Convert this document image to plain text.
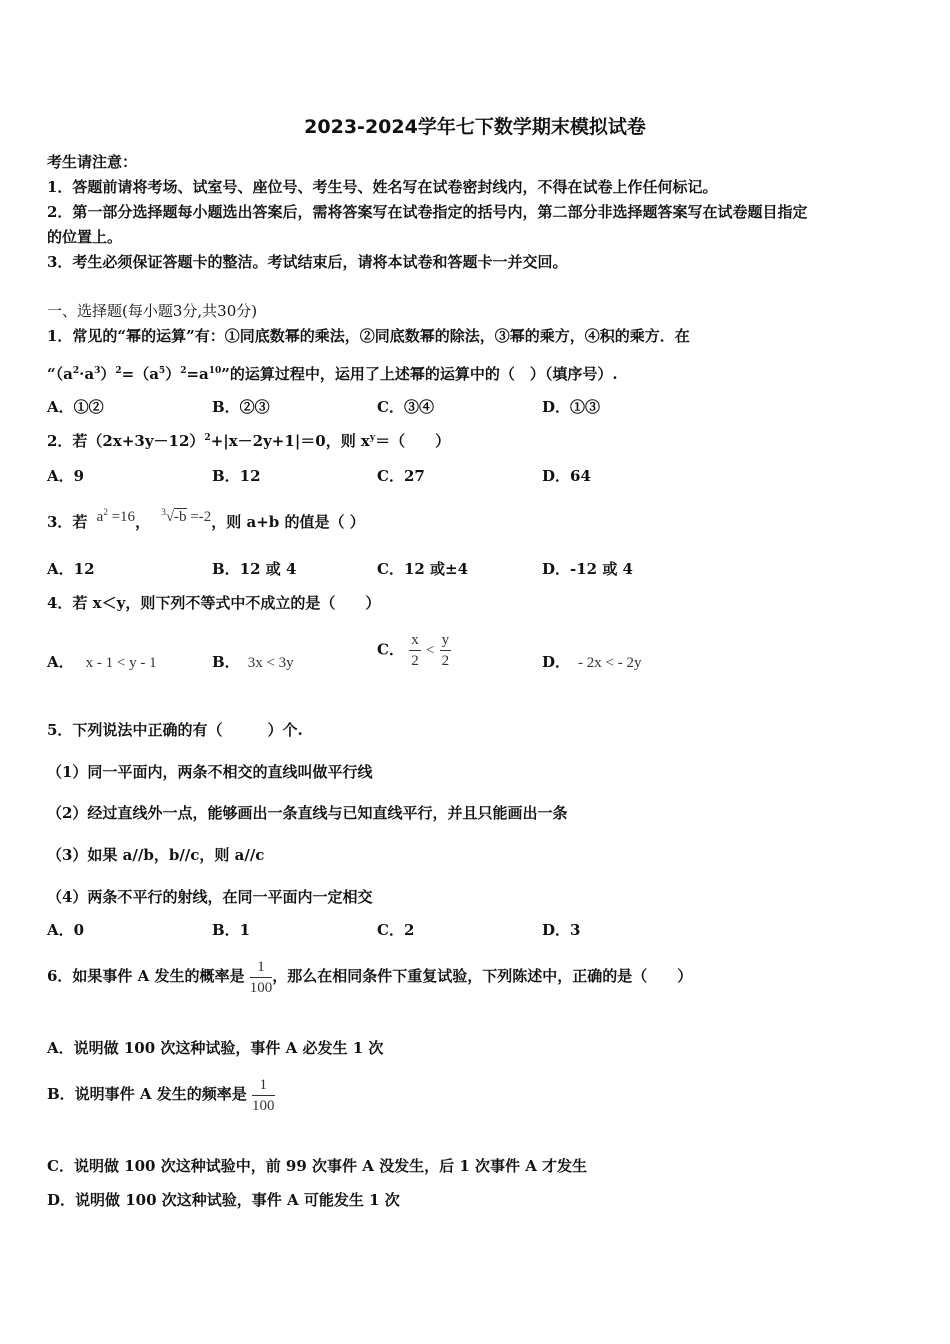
2023-2024学年七下数学期末模拟试卷
考生请注意：
1．答题前请将考场、试室号、座位号、考生号、姓名写在试卷密封线内，不得在试卷上作任何标记。
2．第一部分选择题每小题选出答案后，需将答案写在试卷指定的括号内，第二部分非选择题答案写在试卷题目指定
的位置上。
3．考生必须保证答题卡的整洁。考试结束后，请将本试卷和答题卡一并交回。
一、选择题(每小题3分,共30分)
1．常见的“幂的运算”有：①同底数幂的乘法，②同底数幂的除法，③幂的乘方，④积的乘方．在
“$(a^2\cdot a^3)^2=(a^5)^2=a^{10}$”的运算过程中，运用了上述幂的运算中的（　）（填序号）.
A．①②	B．②③	C．③④	D．①③
2．若$(2x+3y-12)^2+|x-2y+1|=0$，则 $x^y=$（　　）
A．9	B．12	C．27	D．64
3．若 $a^2 =16$， $^3$√-b =-2，则 a+b 的值是（ ）
A．12	B．12 或 4	C．12 或±4	D．-12 或 4
4．若 x＜y，则下列不等式中不成立的是（　　）
A． x - 1 < y - 1	B． 3x < 3y
C． $\frac{x}{2} < \frac{y}{2}$	D． - 2x < - 2y
5．下列说法中正确的有（　　　）个.
（1）同一平面内，两条不相交的直线叫做平行线
（2）经过直线外一点，能够画出一条直线与已知直线平行，并且只能画出一条
（3）如果 a//b，b//c，则 a//c
（4）两条不平行的射线，在同一平面内一定相交
A．0	B．1	C．2	D．3
6．如果事件 A 发生的概率是 $\frac{1}{100}$ ，那么在相同条件下重复试验，下列陈述中，正确的是（　　）
A．说明做 100 次这种试验，事件 A 必发生 1 次
B．说明事件 A 发生的频率是 $\frac{1}{100}$
C．说明做 100 次这种试验中，前 99 次事件 A 没发生，后 1 次事件 A 才发生
D．说明做 100 次这种试验，事件 A 可能发生 1 次
